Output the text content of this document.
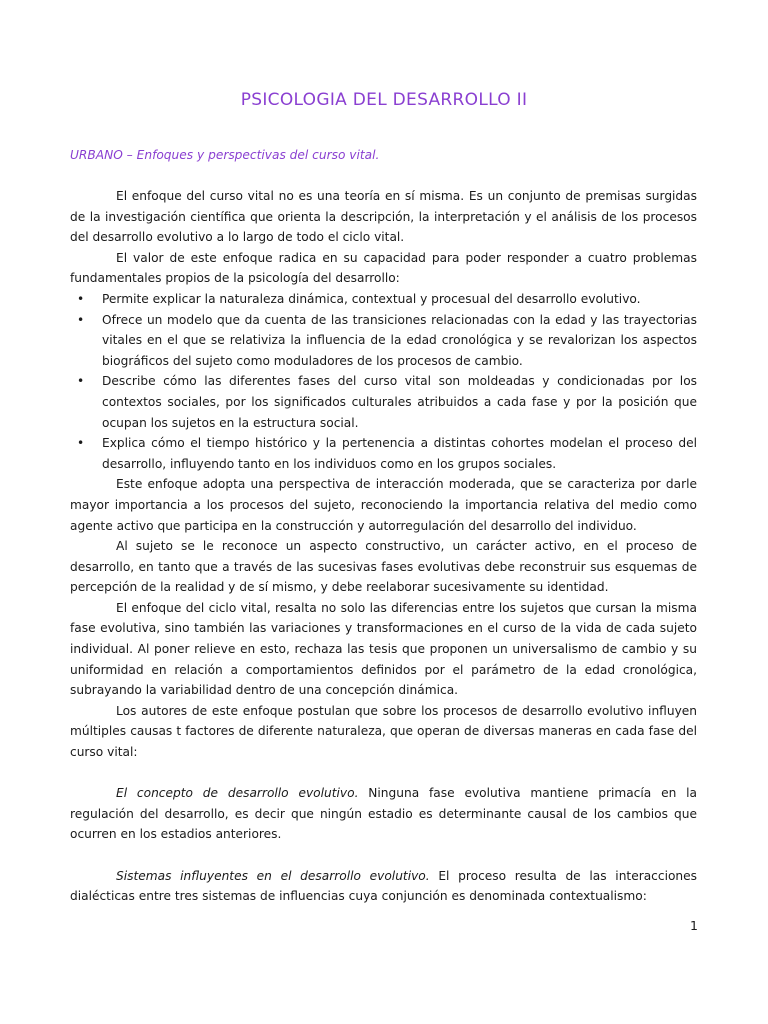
PSICOLOGIA DEL DESARROLLO II
URBANO – Enfoques y perspectivas del curso vital.

El enfoque del curso vital no es una teoría en sí misma. Es un conjunto de premisas surgidas de la investigación científica que orienta la descripción, la interpretación y el análisis de los procesos del desarrollo evolutivo a lo largo de todo el ciclo vital.

El valor de este enfoque radica en su capacidad para poder responder a cuatro problemas fundamentales propios de la psicología del desarrollo:

• Permite explicar la naturaleza dinámica, contextual y procesual del desarrollo evolutivo.
• Ofrece un modelo que da cuenta de las transiciones relacionadas con la edad y las trayectorias vitales en el que se relativiza la influencia de la edad cronológica y se revalorizan los aspectos biográficos del sujeto como moduladores de los procesos de cambio.
• Describe cómo las diferentes fases del curso vital son moldeadas y condicionadas por los contextos sociales, por los significados culturales atribuidos a cada fase y por la posición que ocupan los sujetos en la estructura social.
• Explica cómo el tiempo histórico y la pertenencia a distintas cohortes modelan el proceso del desarrollo, influyendo tanto en los individuos como en los grupos sociales.

Este enfoque adopta una perspectiva de interacción moderada, que se caracteriza por darle mayor importancia a los procesos del sujeto, reconociendo la importancia relativa del medio como agente activo que participa en la construcción y autorregulación del desarrollo del individuo.

Al sujeto se le reconoce un aspecto constructivo, un carácter activo, en el proceso de desarrollo, en tanto que a través de las sucesivas fases evolutivas debe reconstruir sus esquemas de percepción de la realidad y de sí mismo, y debe reelaborar sucesivamente su identidad.

El enfoque del ciclo vital, resalta no solo las diferencias entre los sujetos que cursan la misma fase evolutiva, sino también las variaciones y transformaciones en el curso de la vida de cada sujeto individual. Al poner relieve en esto, rechaza las tesis que proponen un universalismo de cambio y su uniformidad en relación a comportamientos definidos por el parámetro de la edad cronológica, subrayando la variabilidad dentro de una concepción dinámica.

Los autores de este enfoque postulan que sobre los procesos de desarrollo evolutivo influyen múltiples causas t factores de diferente naturaleza, que operan de diversas maneras en cada fase del curso vital:

El concepto de desarrollo evolutivo. Ninguna fase evolutiva mantiene primacía en la regulación del desarrollo, es decir que ningún estadio es determinante causal de los cambios que ocurren en los estadios anteriores.

Sistemas influyentes en el desarrollo evolutivo. El proceso resulta de las interacciones dialécticas entre tres sistemas de influencias cuya conjunción es denominada contextualismo:

1
